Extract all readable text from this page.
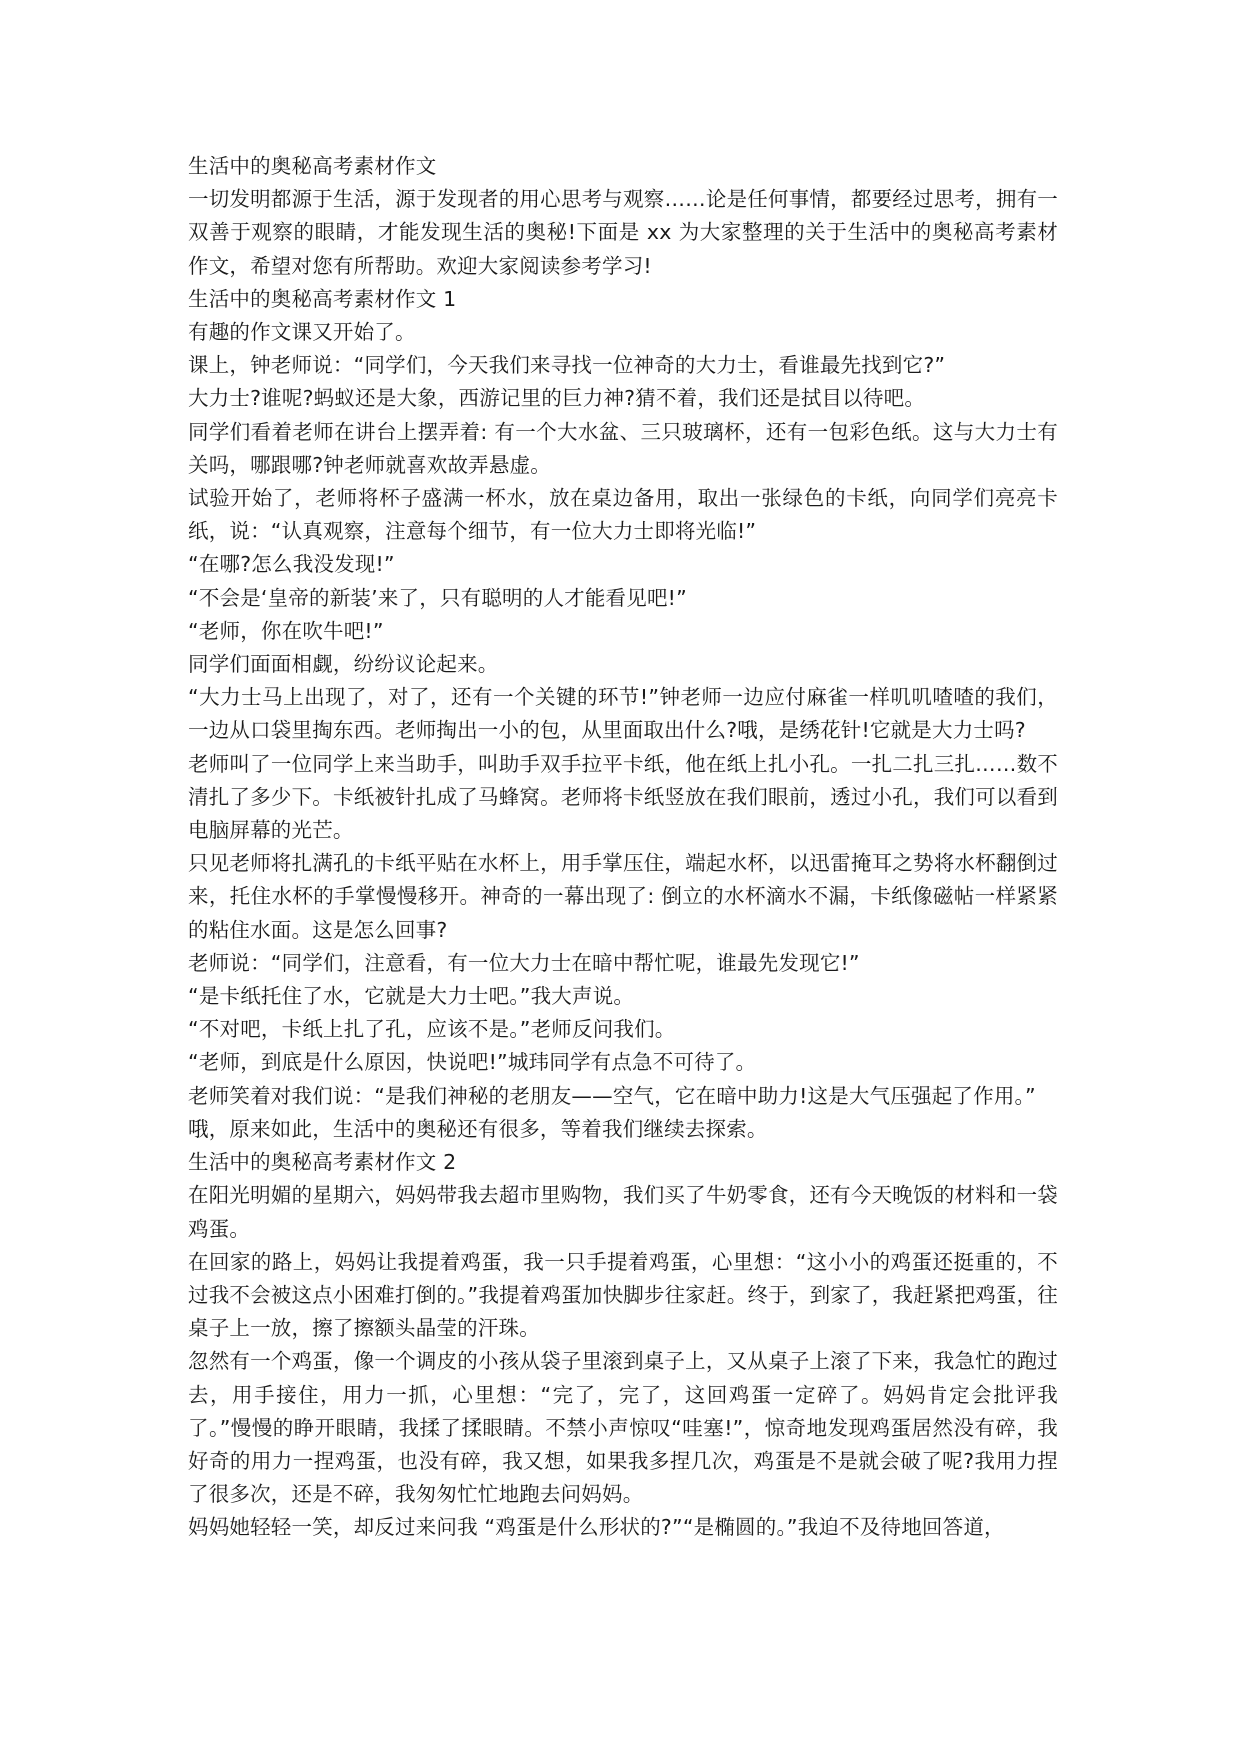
生活中的奥秘高考素材作文

一切发明都源于生活，源于发现者的用心思考与观察……论是任何事情，都要经过思考，拥有一双善于观察的眼睛，才能发现生活的奥秘!下面是 xx 为大家整理的关于生活中的奥秘高考素材作文，希望对您有所帮助。欢迎大家阅读参考学习!

生活中的奥秘高考素材作文 1

有趣的作文课又开始了。

课上，钟老师说：“同学们，今天我们来寻找一位神奇的大力士，看谁最先找到它?”

大力士?谁呢?蚂蚁还是大象，西游记里的巨力神?猜不着，我们还是拭目以待吧。

同学们看着老师在讲台上摆弄着: 有一个大水盆、三只玻璃杯，还有一包彩色纸。这与大力士有关吗，哪跟哪?钟老师就喜欢故弄悬虚。

试验开始了，老师将杯子盛满一杯水，放在桌边备用，取出一张绿色的卡纸，向同学们亮亮卡纸，说：“认真观察，注意每个细节，有一位大力士即将光临!”

“在哪?怎么我没发现!”

“不会是‘皇帝的新装’来了，只有聪明的人才能看见吧!”

“老师，你在吹牛吧!”

同学们面面相觑，纷纷议论起来。

“大力士马上出现了，对了，还有一个关键的环节!”钟老师一边应付麻雀一样叽叽喳喳的我们，一边从口袋里掏东西。老师掏出一小的包，从里面取出什么?哦，是绣花针!它就是大力士吗?

老师叫了一位同学上来当助手，叫助手双手拉平卡纸，他在纸上扎小孔。一扎二扎三扎……数不清扎了多少下。卡纸被针扎成了马蜂窝。老师将卡纸竖放在我们眼前，透过小孔，我们可以看到电脑屏幕的光芒。

只见老师将扎满孔的卡纸平贴在水杯上，用手掌压住，端起水杯，以迅雷掩耳之势将水杯翻倒过来，托住水杯的手掌慢慢移开。神奇的一幕出现了: 倒立的水杯滴水不漏，卡纸像磁帖一样紧紧的粘住水面。这是怎么回事?

老师说：“同学们，注意看，有一位大力士在暗中帮忙呢，谁最先发现它!”

“是卡纸托住了水，它就是大力士吧。”我大声说。

“不对吧，卡纸上扎了孔，应该不是。”老师反问我们。

“老师，到底是什么原因，快说吧!”城玮同学有点急不可待了。

老师笑着对我们说：“是我们神秘的老朋友——空气，它在暗中助力!这是大气压强起了作用。”

哦，原来如此，生活中的奥秘还有很多，等着我们继续去探索。

生活中的奥秘高考素材作文 2

在阳光明媚的星期六，妈妈带我去超市里购物，我们买了牛奶零食，还有今天晚饭的材料和一袋鸡蛋。

在回家的路上，妈妈让我提着鸡蛋，我一只手提着鸡蛋，心里想：“这小小的鸡蛋还挺重的，不过我不会被这点小困难打倒的。”我提着鸡蛋加快脚步往家赶。终于，到家了，我赶紧把鸡蛋，往桌子上一放，擦了擦额头晶莹的汗珠。

忽然有一个鸡蛋，像一个调皮的小孩从袋子里滚到桌子上，又从桌子上滚了下来，我急忙的跑过去，用手接住，用力一抓，心里想：“完了，完了，这回鸡蛋一定碎了。妈妈肯定会批评我了。”慢慢的睁开眼睛，我揉了揉眼睛。不禁小声惊叹“哇塞!”，惊奇地发现鸡蛋居然没有碎，我好奇的用力一捏鸡蛋，也没有碎，我又想，如果我多捏几次，鸡蛋是不是就会破了呢?我用力捏了很多次，还是不碎，我匆匆忙忙地跑去问妈妈。

妈妈她轻轻一笑，却反过来问我 “鸡蛋是什么形状的?”“是椭圆的。”我迫不及待地回答道，
